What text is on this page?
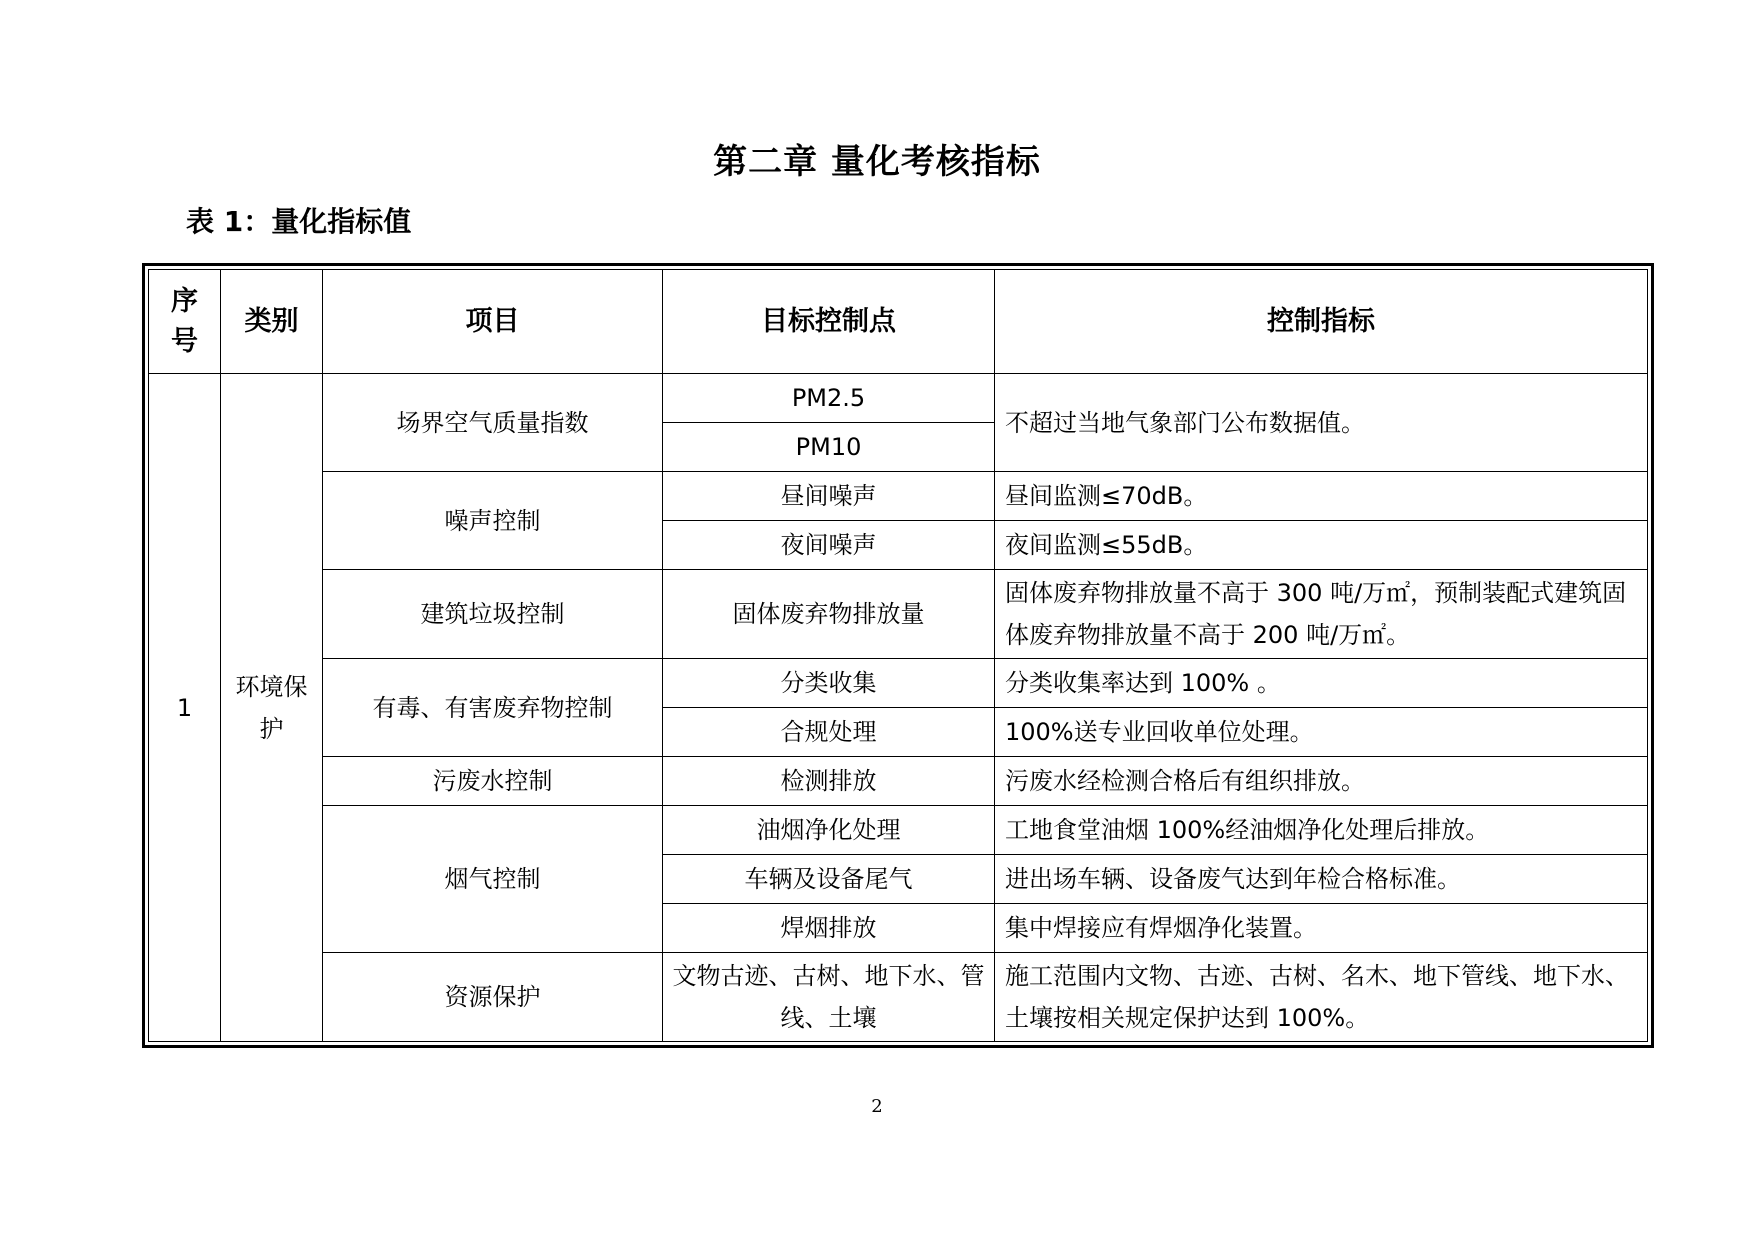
第二章 量化考核指标
表 1：量化指标值
序号	类别	项目	目标控制点	控制指标
1	环境保护	场界空气质量指数	PM2.5	不超过当地气象部门公布数据值。
			PM10	
		噪声控制	昼间噪声	昼间监测≤70dB。
			夜间噪声	夜间监测≤55dB。
		建筑垃圾控制	固体废弃物排放量	固体废弃物排放量不高于 300 吨/万㎡，预制装配式建筑固体废弃物排放量不高于 200 吨/万㎡。
		有毒、有害废弃物控制	分类收集	分类收集率达到 100% 。
			合规处理	100%送专业回收单位处理。
		污废水控制	检测排放	污废水经检测合格后有组织排放。
		烟气控制	油烟净化处理	工地食堂油烟 100%经油烟净化处理后排放。
			车辆及设备尾气	进出场车辆、设备废气达到年检合格标准。
			焊烟排放	集中焊接应有焊烟净化装置。
		资源保护	文物古迹、古树、地下水、管线、土壤	施工范围内文物、古迹、古树、名木、地下管线、地下水、土壤按相关规定保护达到 100%。
2
